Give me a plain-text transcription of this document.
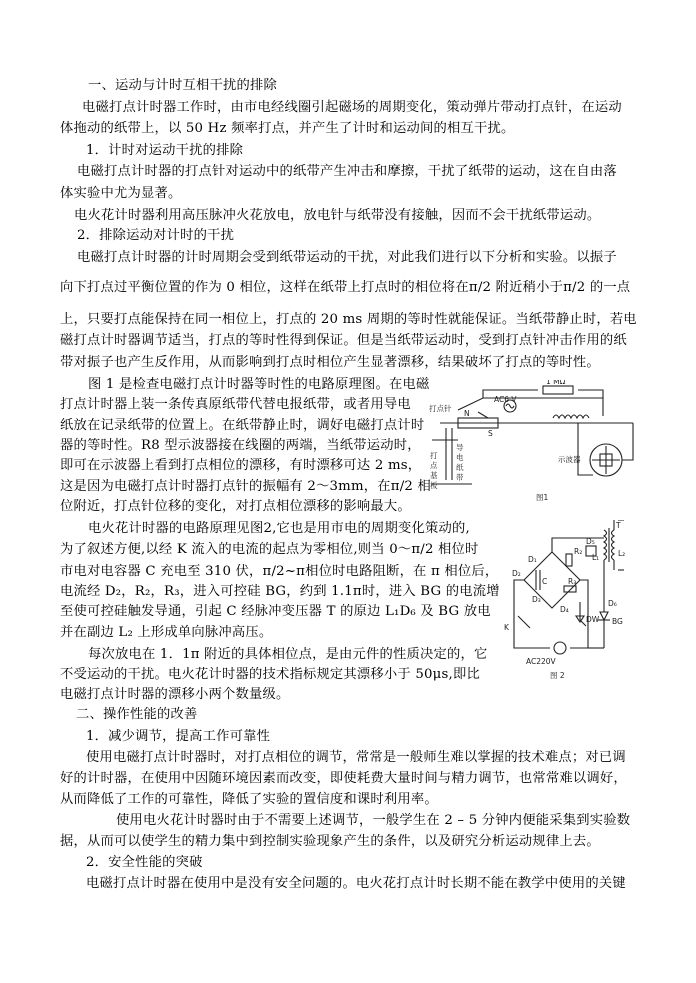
一、运动与计时互相干扰的排除
电磁打点计时器工作时，由市电经线圈引起磁场的周期变化，策动弹片带动打点针，在运动
体拖动的纸带上，以 50 Hz 频率打点，并产生了计时和运动间的相互干扰。
1．计时对运动干扰的排除
电磁打点计时器的打点针对运动中的纸带产生冲击和摩擦，干扰了纸带的运动，这在自由落
体实验中尤为显著。
电火花计时器利用高压脉冲火花放电，放电针与纸带没有接触，因而不会干扰纸带运动。
2．排除运动对计时的干扰
电磁打点计时器的计时周期会受到纸带运动的干扰，对此我们进行以下分析和实验。以振子
向下打点过平衡位置的作为 0 相位，这样在纸带上打点时的相位将在π/2 附近稍小于π/2 的一点
上，只要打点能保持在同一相位上，打点的 20 ms 周期的等时性就能保证。当纸带静止时，若电
磁打点计时器调节适当，打点的等时性得到保证。但是当纸带运动时，受到打点针冲击作用的纸
带对振子也产生反作用，从而影响到打点时相位产生显著漂移，结果破坏了打点的等时性。
图 1 是检查电磁打点计时器等时性的电路原理图。在电磁
打点计时器上装一条传真原纸带代替电报纸带，或者用导电
纸放在记录纸带的位置上。在纸带静止时，调好电磁打点计时
器的等时性。R8 型示波器接在线圈的两端，当纸带运动时，
即可在示波器上看到打点相位的漂移，有时漂移可达 2 ms，
这是因为电磁打点计时器打点针的振幅有 2～3mm，在π/2 相
位附近，打点针位移的变化，对打点相位漂移的影响最大。
电火花计时器的电路原理见图2,它也是用市电的周期变化策动的,
为了叙述方便,以经 K 流入的电流的起点为零相位,则当 0～π/2 相位时
市电对电容器 C 充电至 310 伏，π/2~π相位时电路阻断，在 π 相位后，
电流经 D₂，R₂，R₃，进入可控硅 BG，约到 1.1π时，进入 BG 的电流增
至使可控硅触发导通，引起 C 经脉冲变压器 T 的原边 L₁D₆ 及 BG 放电
并在副边 L₂ 上形成单向脉冲高压。
每次放电在 1．1π 附近的具体相位点，是由元件的性质决定的，它
不受运动的干扰。电火花计时器的技术指标规定其漂移小于 50μs,即比
电磁打点计时器的漂移小两个数量级。
二、操作性能的改善
1．减少调节，提高工作可靠性
使用电磁打点计时器时，对打点相位的调节，常常是一般师生难以掌握的技术难点；对已调
好的计时器，在使用中因随环境因素而改变，即使耗费大量时间与精力调节，也常常难以调好，
从而降低了工作的可靠性，降低了实验的置信度和课时利用率。
使用电火花计时器时由于不需要上述调节，一般学生在 2 – 5 分钟内便能采集到实验数
据，从而可以使学生的精力集中到控制实验现象产生的条件，以及研究分析运动规律上去。
2．安全性能的突破
电磁打点计时器在使用中是没有安全问题的。电火花打点计时长期不能在教学中使用的关键
打点针
N
S
导
电
纸
带
打
点
基
板
AC6 V
1 MΩ
示波器
图1
T
D₅
L₁	L₂
D₁
D₂
R₂
C	R₃
D₃
D₄
D₆
DW BG
K
AC220V
图 2
